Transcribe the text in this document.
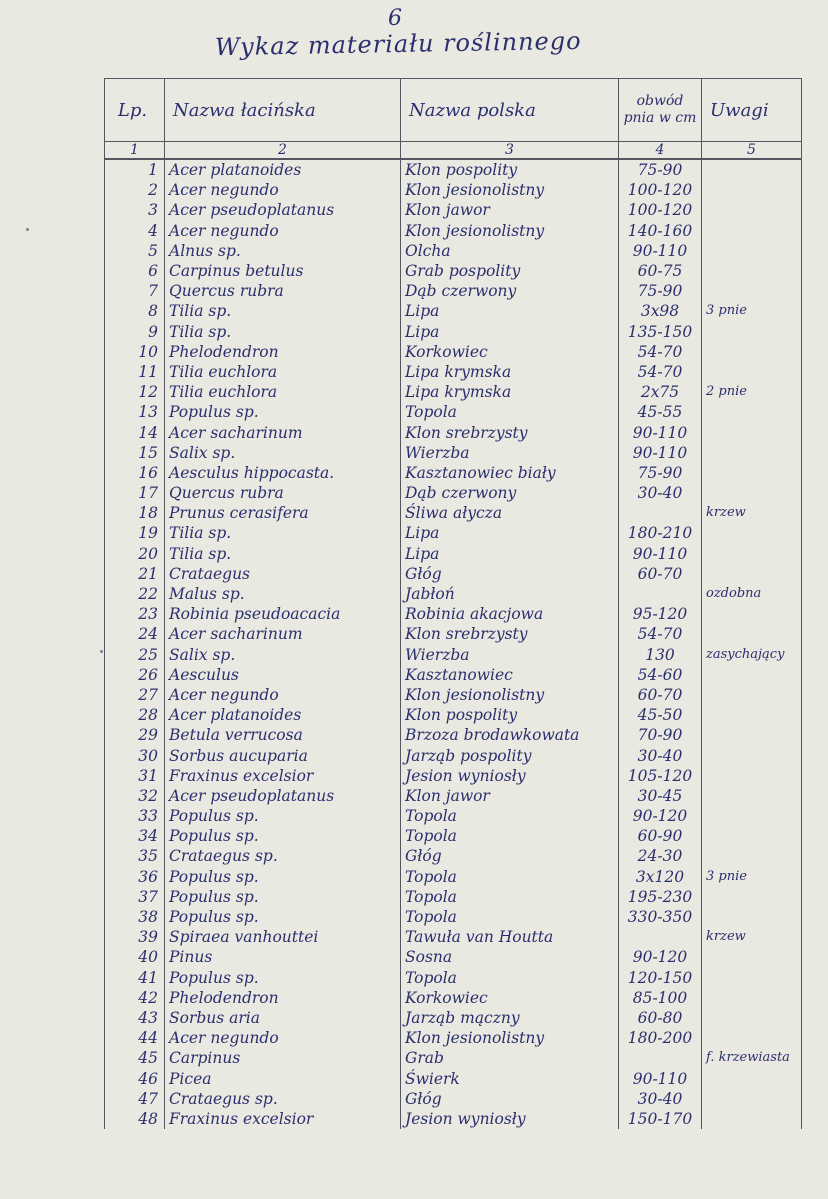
6
Wykaz materiału roślinnego
Lp.	Nazwa łacińska	Nazwa polska	obwód pnia w cm	Uwagi
1	2	3	4	5
1	Acer platanoides	Klon pospolity	75-90	
2	Acer negundo	Klon jesionolistny	100-120	
3	Acer pseudoplatanus	Klon jawor	100-120	
4	Acer negundo	Klon jesionolistny	140-160	
5	Alnus sp.	Olcha	90-110	
6	Carpinus betulus	Grab pospolity	60-75	
7	Quercus rubra	Dąb czerwony	75-90	
8	Tilia sp.	Lipa	3x98	3 pnie
9	Tilia sp.	Lipa	135-150	
10	Phelodendron	Korkowiec	54-70	
11	Tilia euchlora	Lipa krymska	54-70	
12	Tilia euchlora	Lipa krymska	2x75	2 pnie
13	Populus sp.	Topola	45-55	
14	Acer sacharinum	Klon srebrzysty	90-110	
15	Salix sp.	Wierzba	90-110	
16	Aesculus hippocasta.	Kasztanowiec biały	75-90	
17	Quercus rubra	Dąb czerwony	30-40	
18	Prunus cerasifera	Śliwa ałycza		krzew
19	Tilia sp.	Lipa	180-210	
20	Tilia sp.	Lipa	90-110	
21	Crataegus	Głóg	60-70	
22	Malus sp.	Jabłoń		ozdobna
23	Robinia pseudoacacia	Robinia akacjowa	95-120	
24	Acer sacharinum	Klon srebrzysty	54-70	
25	Salix sp.	Wierzba	130	zasychający
26	Aesculus	Kasztanowiec	54-60	
27	Acer negundo	Klon jesionolistny	60-70	
28	Acer platanoides	Klon pospolity	45-50	
29	Betula verrucosa	Brzoza brodawkowata	70-90	
30	Sorbus aucuparia	Jarząb pospolity	30-40	
31	Fraxinus excelsior	Jesion wyniosły	105-120	
32	Acer pseudoplatanus	Klon jawor	30-45	
33	Populus sp.	Topola	90-120	
34	Populus sp.	Topola	60-90	
35	Crataegus sp.	Głóg	24-30	
36	Populus sp.	Topola	3x120	3 pnie
37	Populus sp.	Topola	195-230	
38	Populus sp.	Topola	330-350	
39	Spiraea vanhouttei	Tawuła van Houtta		krzew
40	Pinus	Sosna	90-120	
41	Populus sp.	Topola	120-150	
42	Phelodendron	Korkowiec	85-100	
43	Sorbus aria	Jarząb mączny	60-80	
44	Acer negundo	Klon jesionolistny	180-200	
45	Carpinus	Grab		f. krzewiasta
46	Picea	Świerk	90-110	
47	Crataegus sp.	Głóg	30-40	
48	Fraxinus excelsior	Jesion wyniosły	150-170	
